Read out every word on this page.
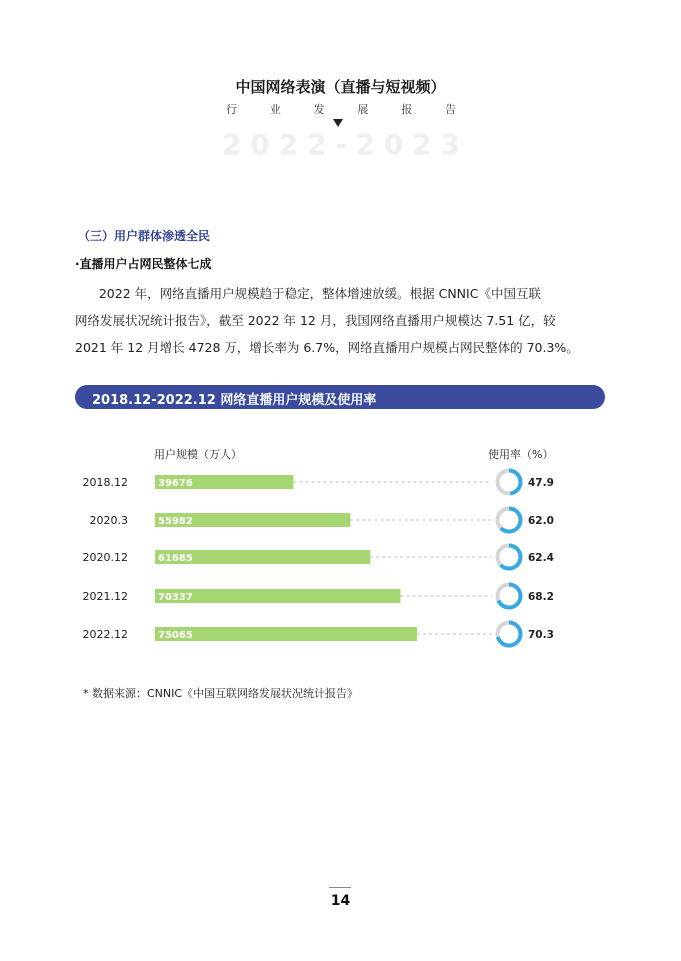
中国网络表演（直播与短视频）
行	业	发	展	报	告
2 0 2 2 - 2 0 2 3
（三）用户群体渗透全民
·直播用户占网民整体七成
2022 年，网络直播用户规模趋于稳定，整体增速放缓。根据 CNNIC《中国互联
网络发展状况统计报告》，截至 2022 年 12 月，我国网络直播用户规模达 7.51 亿，较
2021 年 12 月增长 4728 万，增长率为 6.7%，网络直播用户规模占网民整体的 70.3%。
2018.12-2022.12 网络直播用户规模及使用率
用户规模（万人）	使用率（%）
2018.12	39676	47.9
2020.3	55982	62.0
2020.12	61685	62.4
2021.12	70337	68.2
2022.12	75065	70.3
* 数据来源：CNNIC《中国互联网络发展状况统计报告》
14
